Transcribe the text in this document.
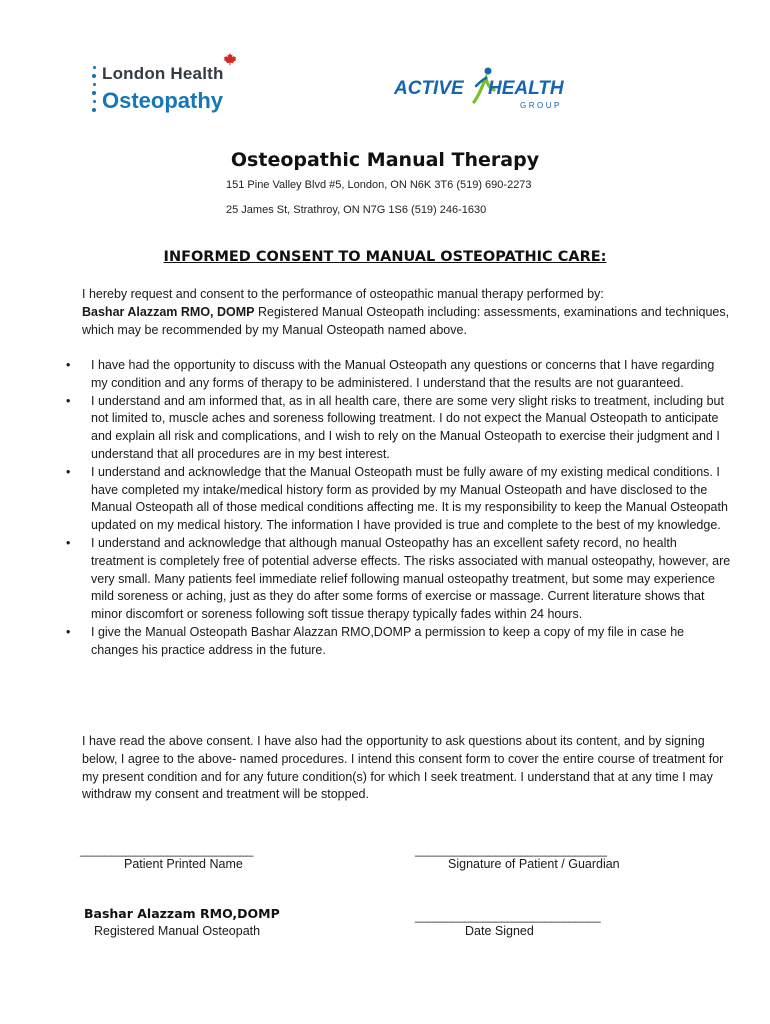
London Health
Osteopathy	ACTIVE HEALTH
GROUP
Osteopathic Manual Therapy
151 Pine Valley Blvd #5, London, ON N6K 3T6 (519) 690-2273
25 James St, Strathroy, ON N7G 1S6 (519) 246-1630
INFORMED CONSENT TO MANUAL OSTEOPATHIC CARE:
I hereby request and consent to the performance of osteopathic manual therapy performed by:
Bashar Alazzam RMO, DOMP Registered Manual Osteopath including: assessments, examinations and techniques, which may be recommended by my Manual Osteopath named above.
• I have had the opportunity to discuss with the Manual Osteopath any questions or concerns that I have regarding my condition and any forms of therapy to be administered. I understand that the results are not guaranteed.
• I understand and am informed that, as in all health care, there are some very slight risks to treatment, including but not limited to, muscle aches and soreness following treatment. I do not expect the Manual Osteopath to anticipate and explain all risk and complications, and I wish to rely on the Manual Osteopath to exercise their judgment and I understand that all procedures are in my best interest.
• I understand and acknowledge that the Manual Osteopath must be fully aware of my existing medical conditions. I have completed my intake/medical history form as provided by my Manual Osteopath and have disclosed to the Manual Osteopath all of those medical conditions affecting me. It is my responsibility to keep the Manual Osteopath updated on my medical history. The information I have provided is true and complete to the best of my knowledge.
• I understand and acknowledge that although manual Osteopathy has an excellent safety record, no health treatment is completely free of potential adverse effects. The risks associated with manual osteopathy, however, are very small. Many patients feel immediate relief following manual osteopathy treatment, but some may experience mild soreness or aching, just as they do after some forms of exercise or massage. Current literature shows that minor discomfort or soreness following soft tissue therapy typically fades within 24 hours.
• I give the Manual Osteopath Bashar Alazzan RMO,DOMP a permission to keep a copy of my file in case he changes his practice address in the future.
I have read the above consent. I have also had the opportunity to ask questions about its content, and by signing below, I agree to the above- named procedures. I intend this consent form to cover the entire course of treatment for my present condition and for any future condition(s) for which I seek treatment. I understand that at any time I may withdraw my consent and treatment will be stopped.
____________________________	_______________________________
Patient Printed Name	Signature of Patient / Guardian
Bashar Alazzam RMO,DOMP	______________________________
Registered Manual Osteopath	Date Signed
